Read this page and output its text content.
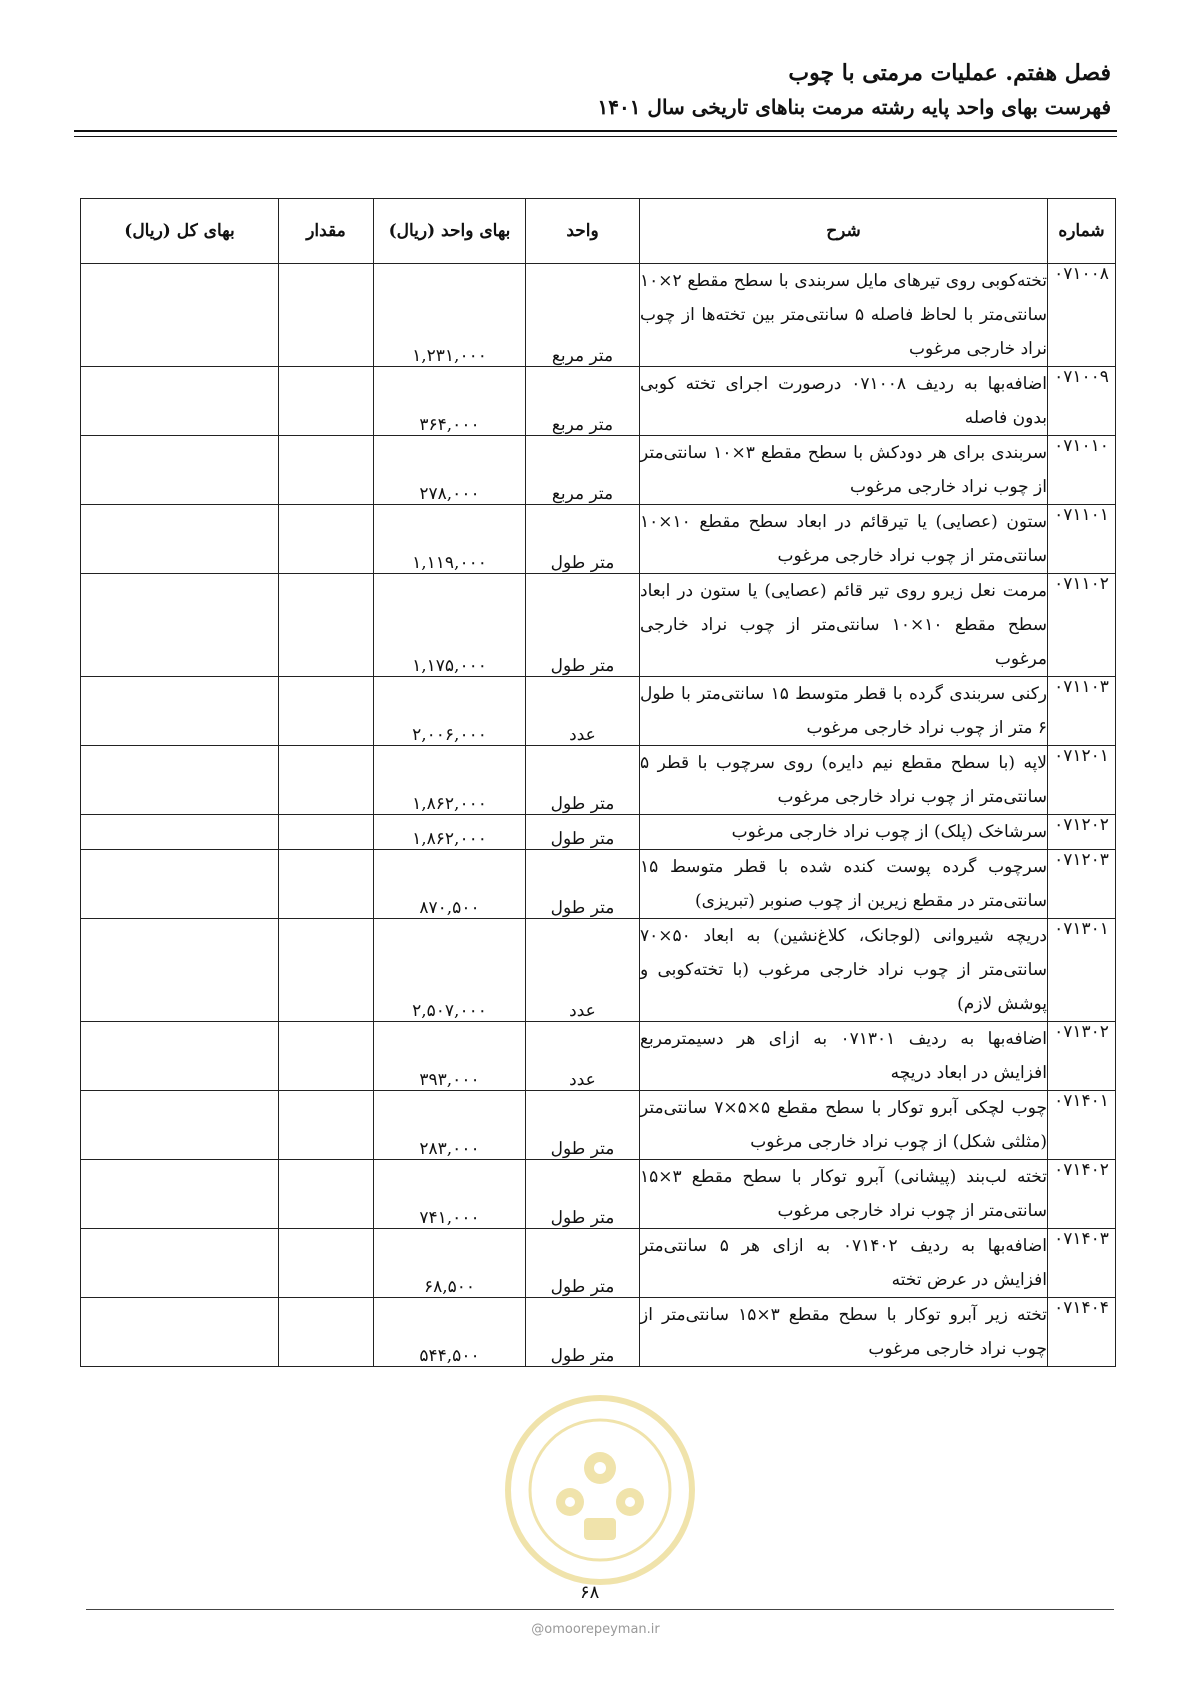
فصل هفتم. عملیات مرمتی با چوب
فهرست بهای واحد پایه رشته مرمت بناهای تاریخی سال ۱۴۰۱
شماره	شرح	واحد	بهای واحد (ریال)	مقدار	بهای کل (ریال)
۰۷۱۰۰۸	تخته‌کوبی روی تیرهای مایل سربندی با سطح مقطع ۲×۱۰ سانتی‌متر با لحاظ فاصله ۵ سانتی‌متر بین تخته‌ها از چوب نراد خارجی مرغوب	متر مربع	۱,۲۳۱,۰۰۰		
۰۷۱۰۰۹	اضافه‌بها به ردیف ۰۷۱۰۰۸ درصورت اجرای تخته کوبی بدون فاصله	متر مربع	۳۶۴,۰۰۰		
۰۷۱۰۱۰	سربندی برای هر دودکش با سطح مقطع ۳×۱۰ سانتی‌متر از چوب نراد خارجی مرغوب	متر مربع	۲۷۸,۰۰۰		
۰۷۱۱۰۱	ستون (عصایی) یا تیرقائم در ابعاد سطح مقطع ۱۰×۱۰ سانتی‌متر از چوب نراد خارجی مرغوب	متر طول	۱,۱۱۹,۰۰۰		
۰۷۱۱۰۲	مرمت نعل زیرو روی تیر قائم (عصایی) یا ستون در ابعاد سطح مقطع ۱۰×۱۰ سانتی‌متر از چوب نراد خارجی مرغوب	متر طول	۱,۱۷۵,۰۰۰		
۰۷۱۱۰۳	رکنی سربندی گرده با قطر متوسط ۱۵ سانتی‌متر با طول ۶ متر از چوب نراد خارجی مرغوب	عدد	۲,۰۰۶,۰۰۰		
۰۷۱۲۰۱	لاپه (با سطح مقطع نیم دایره) روی سرچوب با قطر ۵ سانتی‌متر از چوب نراد خارجی مرغوب	متر طول	۱,۸۶۲,۰۰۰		
۰۷۱۲۰۲	سرشاخک (پلک) از چوب نراد خارجی مرغوب	متر طول	۱,۸۶۲,۰۰۰		
۰۷۱۲۰۳	سرچوب گرده پوست کنده شده با قطر متوسط ۱۵ سانتی‌متر در مقطع زیرین از چوب صنوبر (تبریزی)	متر طول	۸۷۰,۵۰۰		
۰۷۱۳۰۱	دریچه شیروانی (لوجانک، کلاغ‌نشین) به ابعاد ۵۰×۷۰ سانتی‌متر از چوب نراد خارجی مرغوب (با تخته‌کوبی و پوشش لازم)	عدد	۲,۵۰۷,۰۰۰		
۰۷۱۳۰۲	اضافه‌بها به ردیف ۰۷۱۳۰۱ به ازای هر دسیمترمربع افزایش در ابعاد دریچه	عدد	۳۹۳,۰۰۰		
۰۷۱۴۰۱	چوب لچکی آبرو توکار با سطح مقطع ۵×۵×۷ سانتی‌متر (مثلثی شکل) از چوب نراد خارجی مرغوب	متر طول	۲۸۳,۰۰۰		
۰۷۱۴۰۲	تخته لب‌بند (پیشانی) آبرو توکار با سطح مقطع ۳×۱۵ سانتی‌متر از چوب نراد خارجی مرغوب	متر طول	۷۴۱,۰۰۰		
۰۷۱۴۰۳	اضافه‌بها به ردیف ۰۷۱۴۰۲ به ازای هر ۵ سانتی‌متر افزایش در عرض تخته	متر طول	۶۸,۵۰۰		
۰۷۱۴۰۴	تخته زیر آبرو توکار با سطح مقطع ۳×۱۵ سانتی‌متر از چوب نراد خارجی مرغوب	متر طول	۵۴۴,۵۰۰		
۶۸
@omoorepeyman.ir
